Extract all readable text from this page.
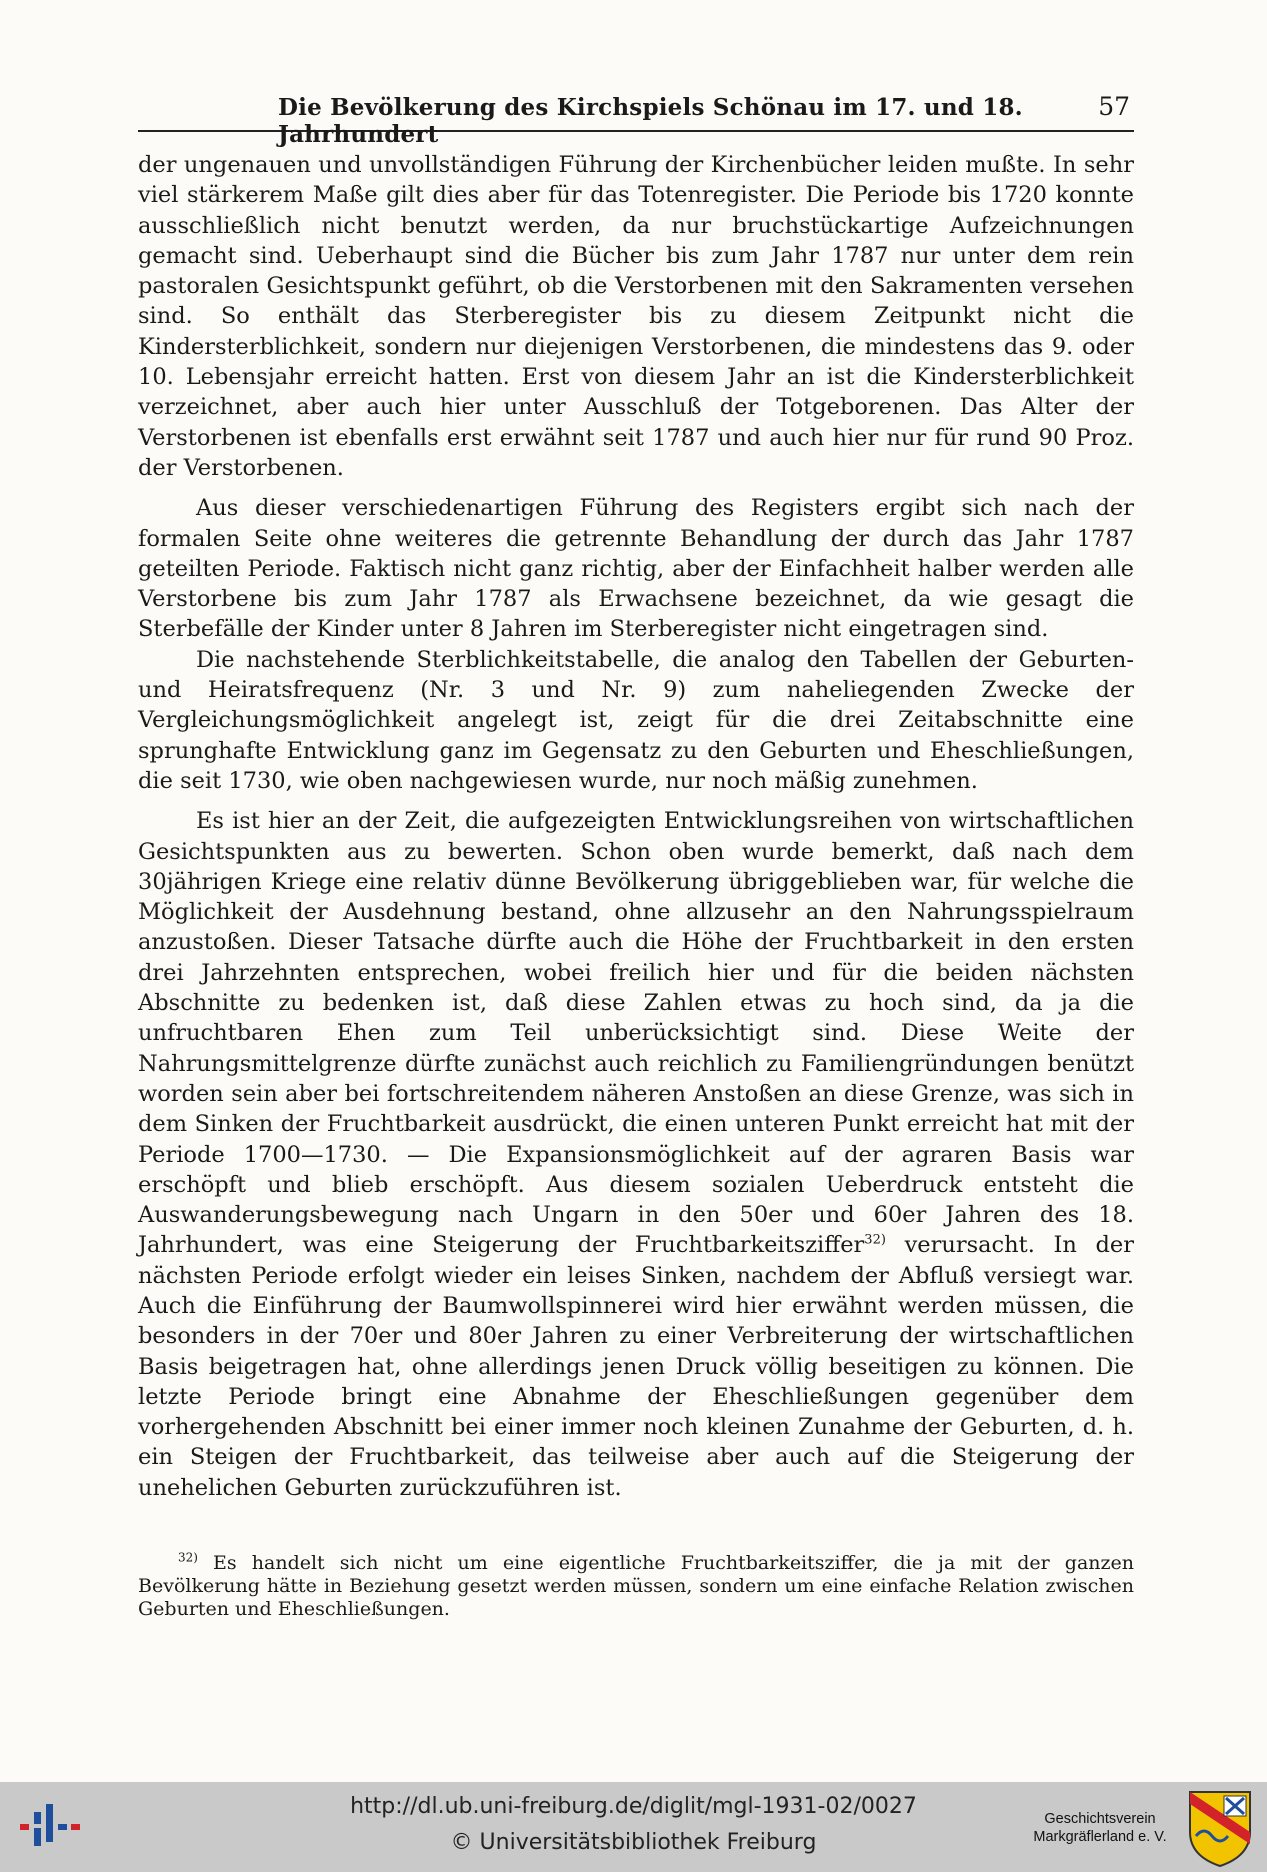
Die Bevölkerung des Kirchspiels Schönau im 17. und 18. Jahrhundert
57

der ungenauen und unvollständigen Führung der Kirchenbücher leiden mußte. In sehr viel stärkerem Maße gilt dies aber für das Totenregister. Die Periode bis 1720 konnte ausschließlich nicht benutzt werden, da nur bruchstückartige Aufzeichnungen gemacht sind. Ueberhaupt sind die Bücher bis zum Jahr 1787 nur unter dem rein pastoralen Gesichtspunkt geführt, ob die Verstorbenen mit den Sakramenten versehen sind. So enthält das Sterberegister bis zu diesem Zeitpunkt nicht die Kindersterblichkeit, sondern nur diejenigen Verstorbenen, die mindestens das 9. oder 10. Lebensjahr erreicht hatten. Erst von diesem Jahr an ist die Kindersterblichkeit verzeichnet, aber auch hier unter Ausschluß der Totgeborenen. Das Alter der Verstorbenen ist ebenfalls erst erwähnt seit 1787 und auch hier nur für rund 90 Proz. der Verstorbenen.

Aus dieser verschiedenartigen Führung des Registers ergibt sich nach der formalen Seite ohne weiteres die getrennte Behandlung der durch das Jahr 1787 geteilten Periode. Faktisch nicht ganz richtig, aber der Einfachheit halber werden alle Verstorbene bis zum Jahr 1787 als Erwachsene bezeichnet, da wie gesagt die Sterbefälle der Kinder unter 8 Jahren im Sterberegister nicht eingetragen sind.

Die nachstehende Sterblichkeitstabelle, die analog den Tabellen der Geburten- und Heiratsfrequenz (Nr. 3 und Nr. 9) zum naheliegenden Zwecke der Vergleichungsmöglichkeit angelegt ist, zeigt für die drei Zeitabschnitte eine sprunghafte Entwicklung ganz im Gegensatz zu den Geburten und Eheschließungen, die seit 1730, wie oben nachgewiesen wurde, nur noch mäßig zunehmen.

Es ist hier an der Zeit, die aufgezeigten Entwicklungsreihen von wirtschaftlichen Gesichtspunkten aus zu bewerten. Schon oben wurde bemerkt, daß nach dem 30jährigen Kriege eine relativ dünne Bevölkerung übriggeblieben war, für welche die Möglichkeit der Ausdehnung bestand, ohne allzusehr an den Nahrungsspielraum anzustoßen. Dieser Tatsache dürfte auch die Höhe der Fruchtbarkeit in den ersten drei Jahrzehnten entsprechen, wobei freilich hier und für die beiden nächsten Abschnitte zu bedenken ist, daß diese Zahlen etwas zu hoch sind, da ja die unfruchtbaren Ehen zum Teil unberücksichtigt sind. Diese Weite der Nahrungsmittelgrenze dürfte zunächst auch reichlich zu Familiengründungen benützt worden sein aber bei fortschreitendem näheren Anstoßen an diese Grenze, was sich in dem Sinken der Fruchtbarkeit ausdrückt, die einen unteren Punkt erreicht hat mit der Periode 1700—1730. — Die Expansionsmöglichkeit auf der agraren Basis war erschöpft und blieb erschöpft. Aus diesem sozialen Ueberdruck entsteht die Auswanderungsbewegung nach Ungarn in den 50er und 60er Jahren des 18. Jahrhundert, was eine Steigerung der Fruchtbarkeitsziffer$^{32)}$ verursacht. In der nächsten Periode erfolgt wieder ein leises Sinken, nachdem der Abfluß versiegt war. Auch die Einführung der Baumwollspinnerei wird hier erwähnt werden müssen, die besonders in der 70er und 80er Jahren zu einer Verbreiterung der wirtschaftlichen Basis beigetragen hat, ohne allerdings jenen Druck völlig beseitigen zu können. Die letzte Periode bringt eine Abnahme der Eheschließungen gegenüber dem vorhergehenden Abschnitt bei einer immer noch kleinen Zunahme der Geburten, d. h. ein Steigen der Fruchtbarkeit, das teilweise aber auch auf die Steigerung der unehelichen Geburten zurückzuführen ist.

$^{32)}$ Es handelt sich nicht um eine eigentliche Fruchtbarkeitsziffer, die ja mit der ganzen Bevölkerung hätte in Beziehung gesetzt werden müssen, sondern um eine einfache Relation zwischen Geburten und Eheschließungen.

http://dl.ub.uni-freiburg.de/diglit/mgl-1931-02/0027
© Universitätsbibliothek Freiburg
Geschichtsverein
Markgräflerland e. V.
